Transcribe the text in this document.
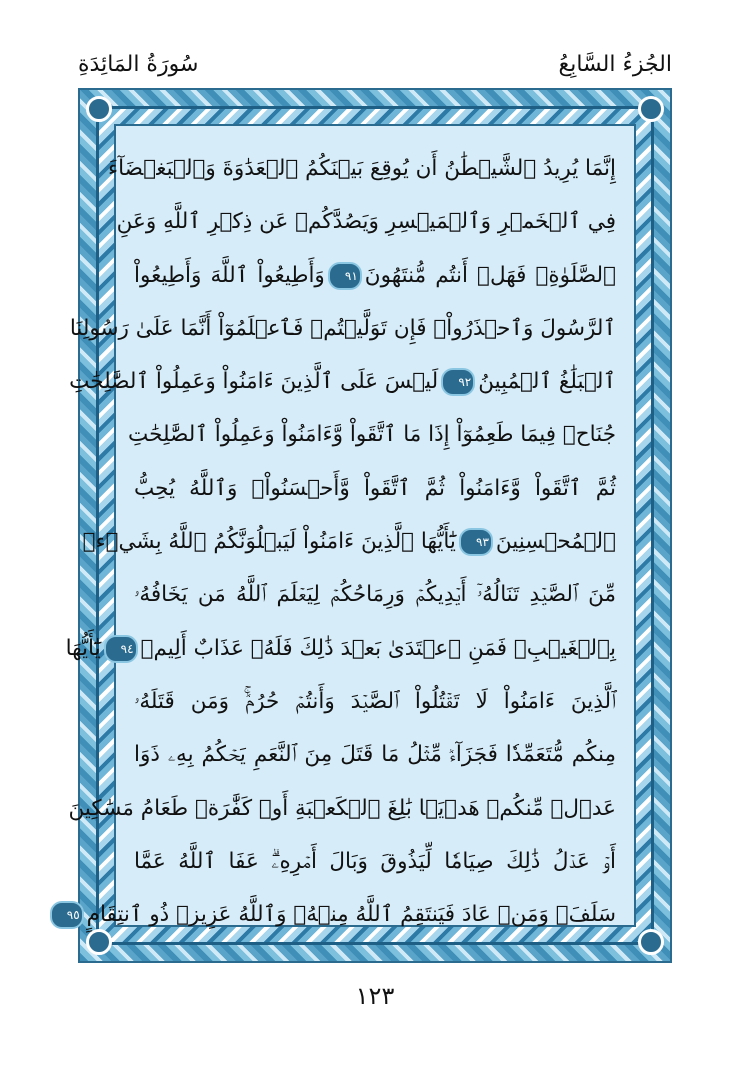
الجُزءُ السَّابِعُ
سُورَةُ المَائِدَةِ
إِنَّمَا يُرِيدُ ٱلشَّيۡطَٰنُ أَن يُوقِعَ بَيۡنَكُمُ ٱلۡعَدَٰوَةَ وَٱلۡبَغۡضَآءَ
فِي ٱلۡخَمۡرِ وَٱلۡمَيۡسِرِ وَيَصُدَّكُمۡ عَن ذِكۡرِ ٱللَّهِ وَعَنِ
ٱلصَّلَوٰةِۖ فَهَلۡ أَنتُم مُّنتَهُونَ٩١وَأَطِيعُواْ ٱللَّهَ وَأَطِيعُواْ
ٱلرَّسُولَ وَٱحۡذَرُواْۚ فَإِن تَوَلَّيۡتُمۡ فَٱعۡلَمُوٓاْ أَنَّمَا عَلَىٰ رَسُولِنَا
ٱلۡبَلَٰغُ ٱلۡمُبِينُ٩٢لَيۡسَ عَلَى ٱلَّذِينَ ءَامَنُواْ وَعَمِلُواْ ٱلصَّٰلِحَٰتِ
جُنَاحٞ فِيمَا طَعِمُوٓاْ إِذَا مَا ٱتَّقَواْ وَّءَامَنُواْ وَعَمِلُواْ ٱلصَّٰلِحَٰتِ
ثُمَّ ٱتَّقَواْ وَّءَامَنُواْ ثُمَّ ٱتَّقَواْ وَّأَحۡسَنُواْۚ وَٱللَّهُ يُحِبُّ
ٱلۡمُحۡسِنِينَ٩٣يَٰٓأَيُّهَا ٱلَّذِينَ ءَامَنُواْ لَيَبۡلُوَنَّكُمُ ٱللَّهُ بِشَيۡءٖ
مِّنَ ٱلصَّيۡدِ تَنَالُهُۥٓ أَيۡدِيكُمۡ وَرِمَاحُكُمۡ لِيَعۡلَمَ ٱللَّهُ مَن يَخَافُهُۥ
بِٱلۡغَيۡبِۚ فَمَنِ ٱعۡتَدَىٰ بَعۡدَ ذَٰلِكَ فَلَهُۥ عَذَابٌ أَلِيمٞ٩٤يَٰٓأَيُّهَا
ٱلَّذِينَ ءَامَنُواْ لَا تَقۡتُلُواْ ٱلصَّيۡدَ وَأَنتُمۡ حُرُمٞۚ وَمَن قَتَلَهُۥ
مِنكُم مُّتَعَمِّدٗا فَجَزَآءٞ مِّثۡلُ مَا قَتَلَ مِنَ ٱلنَّعَمِ يَحۡكُمُ بِهِۦ ذَوَا
عَدۡلٖ مِّنكُمۡ هَدۡيَۢا بَٰلِغَ ٱلۡكَعۡبَةِ أَوۡ كَفَّٰرَةٞ طَعَامُ مَسَٰكِينَ
أَوۡ عَدۡلُ ذَٰلِكَ صِيَامٗا لِّيَذُوقَ وَبَالَ أَمۡرِهِۦۗ عَفَا ٱللَّهُ عَمَّا
سَلَفَۚ وَمَنۡ عَادَ فَيَنتَقِمُ ٱللَّهُ مِنۡهُۚ وَٱللَّهُ عَزِيزٞ ذُو ٱنتِقَامٍ٩٥
١٢٣
